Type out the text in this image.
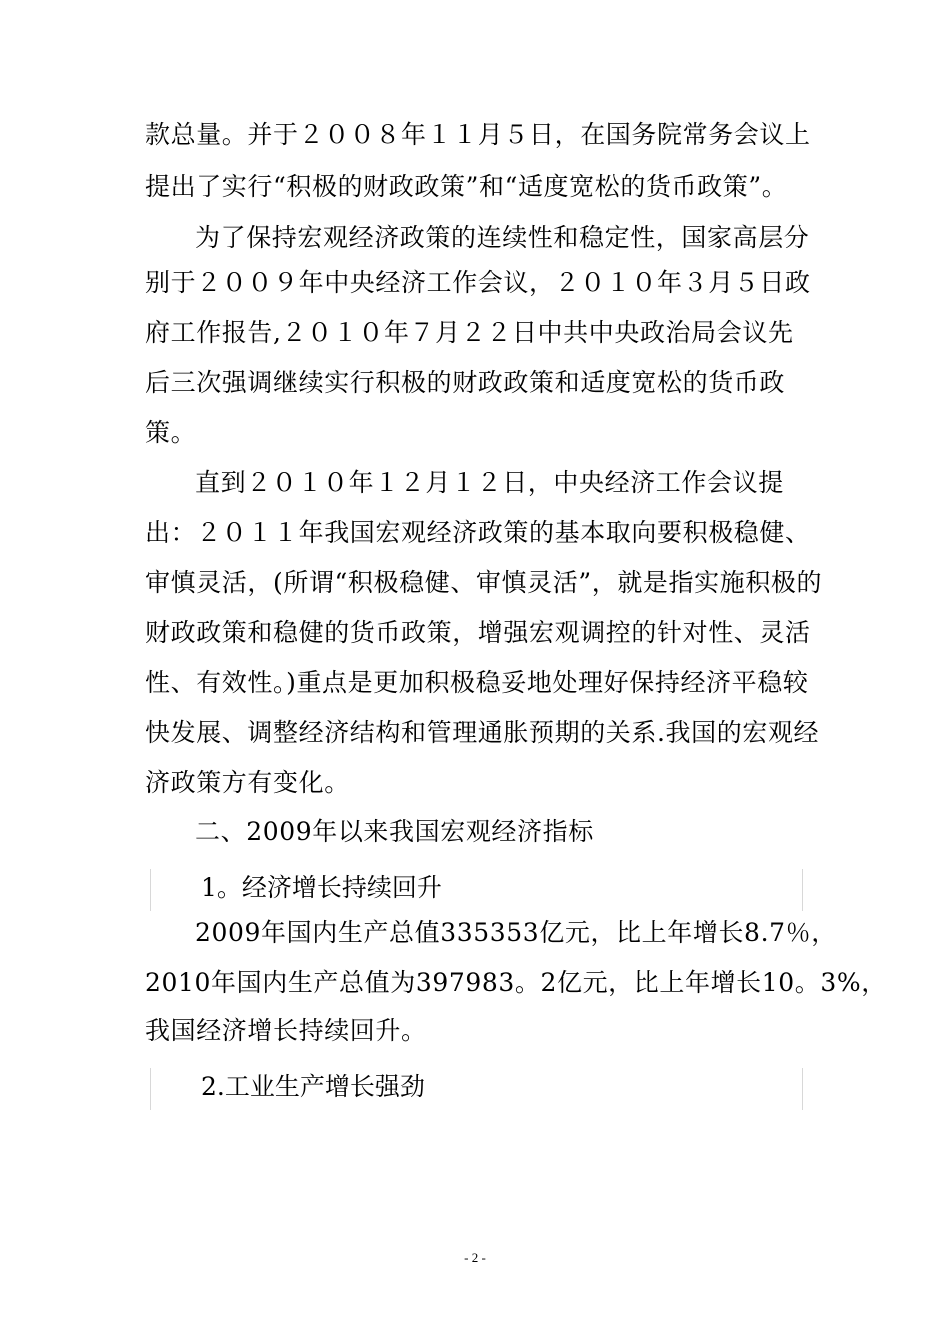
款总量。并于２００８年１１月５日，在国务院常务会议上
提出了实行“积极的财政政策”和“适度宽松的货币政策”。
为了保持宏观经济政策的连续性和稳定性，国家高层分
别于２００９年中央经济工作会议，２０１０年３月５日政
府工作报告,２０１０年７月２２日中共中央政治局会议先
后三次强调继续实行积极的财政政策和适度宽松的货币政
策。
直到２０１０年１２月１２日，中央经济工作会议提
出：２０１１年我国宏观经济政策的基本取向要积极稳健、
审慎灵活，(所谓“积极稳健、审慎灵活”，就是指实施积极的
财政政策和稳健的货币政策，增强宏观调控的针对性、灵活
性、有效性。)重点是更加积极稳妥地处理好保持经济平稳较
快发展、调整经济结构和管理通胀预期的关系.我国的宏观经
济政策方有变化。
二、2009年以来我国宏观经济指标
1。经济增长持续回升
2009年国内生产总值335353亿元，比上年增长8.7％，
2010年国内生产总值为397983。2亿元，比上年增长10。3%，
我国经济增长持续回升。
2.工业生产增长强劲
- 2 -
